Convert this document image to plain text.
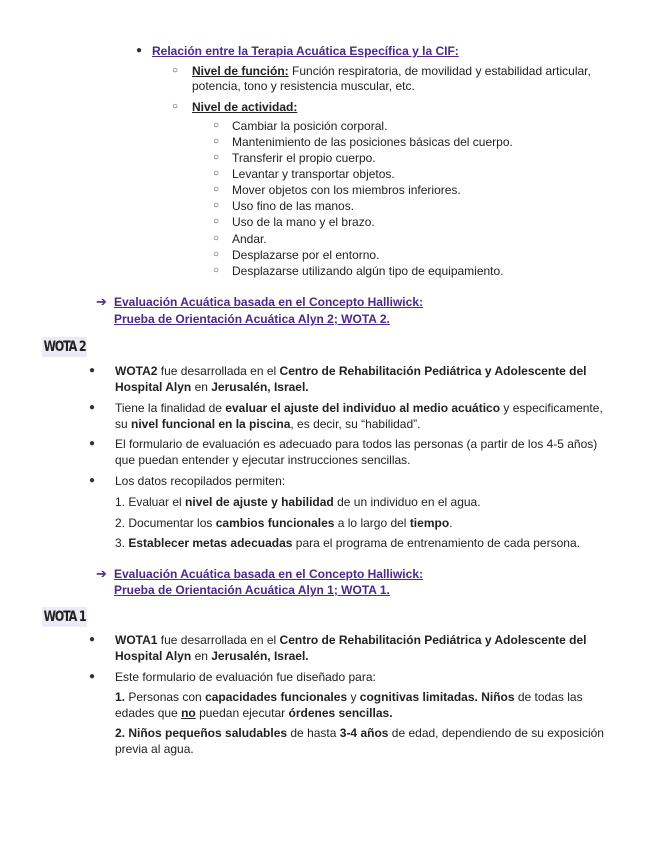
● Relación entre la Terapia Acuática Específica y la CIF:
○ Nivel de función: Función respiratoria, de movilidad y estabilidad articular,
potencia, tono y resistencia muscular, etc.
○ Nivel de actividad:
○ Cambiar la posición corporal.
○ Mantenimiento de las posiciones básicas del cuerpo.
○ Transferir el propio cuerpo.
○ Levantar y transportar objetos.
○ Mover objetos con los miembros inferiores.
○ Uso fino de las manos.
○ Uso de la mano y el brazo.
○ Andar.
○ Desplazarse por el entorno.
○ Desplazarse utilizando algún tipo de equipamiento.
➔ Evaluación Acuática basada en el Concepto Halliwick:
Prueba de Orientación Acuática Alyn 2; WOTA 2.
WOTA 2
● WOTA2 fue desarrollada en el Centro de Rehabilitación Pediátrica y Adolescente del
Hospital Alyn en Jerusalén, Israel.
● Tiene la finalidad de evaluar el ajuste del individuo al medio acuático y especificamente,
su nivel funcional en la piscina, es decir, su “habilidad”.
● El formulario de evaluación es adecuado para todos las personas (a partir de los 4-5 años)
que puedan entender y ejecutar instrucciones sencillas.
● Los datos recopilados permiten:
1. Evaluar el nivel de ajuste y habilidad de un individuo en el agua.
2. Documentar los cambios funcionales a lo largo del tiempo.
3. Establecer metas adecuadas para el programa de entrenamiento de cada persona.
➔ Evaluación Acuática basada en el Concepto Halliwick:
Prueba de Orientación Acuática Alyn 1; WOTA 1.
WOTA 1
● WOTA1 fue desarrollada en el Centro de Rehabilitación Pediátrica y Adolescente del
Hospital Alyn en Jerusalén, Israel.
● Este formulario de evaluación fue diseñado para:
1. Personas con capacidades funcionales y cognitivas limitadas. Niños de todas las
edades que no puedan ejecutar órdenes sencillas.
2. Niños pequeños saludables de hasta 3-4 años de edad, dependiendo de su exposición
previa al agua.
